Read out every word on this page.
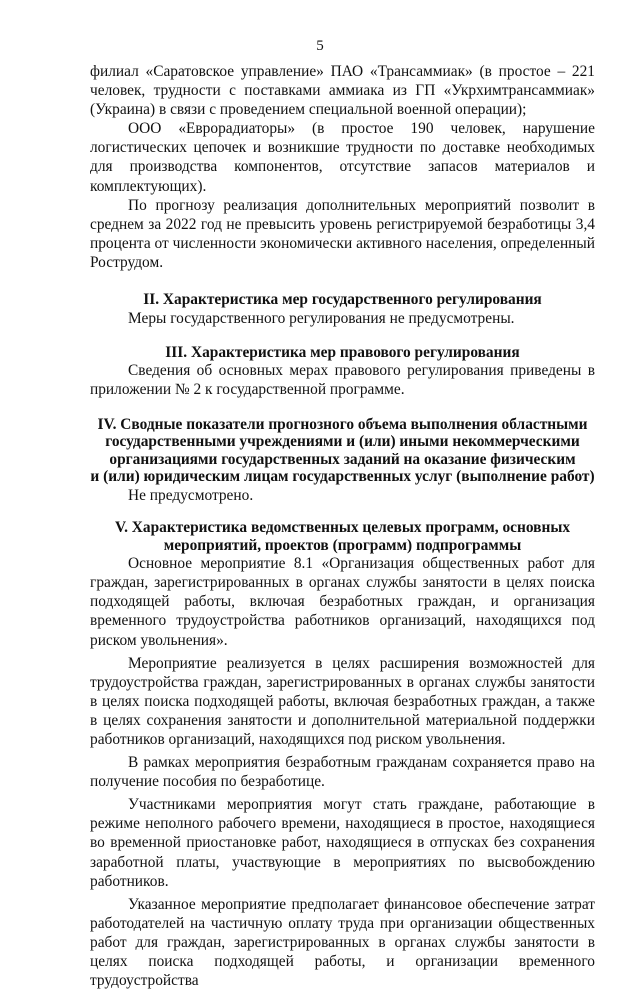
5

филиал «Саратовское управление» ПАО «Трансаммиак» (в простое – 221 человек, трудности с поставками аммиака из ГП «Укрхимтрансаммиак» (Украина) в связи с проведением специальной военной операции);

ООО «Еврорадиаторы» (в простое 190 человек, нарушение логистических цепочек и возникшие трудности по доставке необходимых для производства компонентов, отсутствие запасов материалов и комплектующих).

По прогнозу реализация дополнительных мероприятий позволит в среднем за 2022 год не превысить уровень регистрируемой безработицы 3,4 процента от численности экономически активного населения, определенный Рострудом.

II. Характеристика мер государственного регулирования

Меры государственного регулирования не предусмотрены.

III. Характеристика мер правового регулирования

Сведения об основных мерах правового регулирования приведены в приложении № 2 к государственной программе.

IV. Сводные показатели прогнозного объема выполнения областными
государственными учреждениями и (или) иными некоммерческими
организациями государственных заданий на оказание физическим
и (или) юридическим лицам государственных услуг (выполнение работ)

Не предусмотрено.

V. Характеристика ведомственных целевых программ, основных
мероприятий, проектов (программ) подпрограммы

Основное мероприятие 8.1 «Организация общественных работ для граждан, зарегистрированных в органах службы занятости в целях поиска подходящей работы, включая безработных граждан, и организация временного трудоустройства работников организаций, находящихся под риском увольнения».

Мероприятие реализуется в целях расширения возможностей для трудоустройства граждан, зарегистрированных в органах службы занятости в целях поиска подходящей работы, включая безработных граждан, а также в целях сохранения занятости и дополнительной материальной поддержки работников организаций, находящихся под риском увольнения.

В рамках мероприятия безработным гражданам сохраняется право на получение пособия по безработице.

Участниками мероприятия могут стать граждане, работающие в режиме неполного рабочего времени, находящиеся в простое, находящиеся во временной приостановке работ, находящиеся в отпусках без сохранения заработной платы, участвующие в мероприятиях по высвобождению работников.

Указанное мероприятие предполагает финансовое обеспечение затрат работодателей на частичную оплату труда при организации общественных работ для граждан, зарегистрированных в органах службы занятости в целях поиска подходящей работы, и организации временного трудоустройства
